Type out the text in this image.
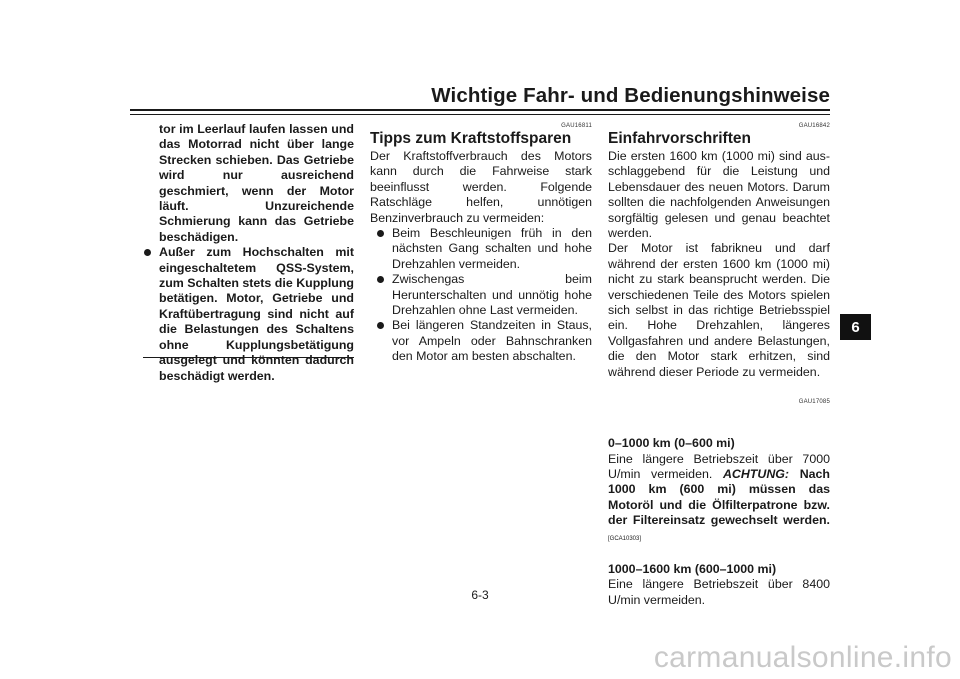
Wichtige Fahr- und Bedienungshinweise
6

tor im Leerlauf laufen lassen und das Motorrad nicht über lange Strecken schieben. Das Getriebe wird nur ausreichend geschmiert, wenn der Motor läuft. Unzureichende Schmierung kann das Getriebe beschädigen.

Außer zum Hochschalten mit eingeschaltetem QSS-System, zum Schalten stets die Kupplung betätigen. Motor, Getriebe und Kraftübertragung sind nicht auf die Belastungen des Schaltens ohne Kupplungsbetätigung ausgelegt und könnten dadurch beschädigt werden.
GAU16811
Tipps zum Kraftstoffsparen

Der Kraftstoffverbrauch des Motors kann durch die Fahrweise stark beeinflusst werden. Folgende Ratschläge helfen, unnötigen Benzinverbrauch zu vermeiden:

Beim Beschleunigen früh in den nächsten Gang schalten und hohe Drehzahlen vermeiden.
Zwischengas beim Herunterschalten und unnötig hohe Drehzahlen ohne Last vermeiden.
Bei längeren Standzeiten in Staus, vor Ampeln oder Bahnschranken den Motor am besten abschalten.
GAU16842
Einfahrvorschriften

Die ersten 1600 km (1000 mi) sind ausschlaggebend für die Leistung und Lebensdauer des neuen Motors. Darum sollten die nachfolgenden Anweisungen sorgfältig gelesen und genau beachtet werden.

Der Motor ist fabrikneu und darf während der ersten 1600 km (1000 mi) nicht zu stark beansprucht werden. Die verschiedenen Teile des Motors spielen sich selbst in das richtige Betriebsspiel ein. Hohe Drehzahlen, längeres Vollgasfahren und andere Belastungen, die den Motor stark erhitzen, sind während dieser Periode zu vermeiden.

GAU17085

0–1000 km (0–600 mi)

Eine längere Betriebszeit über 7000 U/min vermeiden. ACHTUNG: Nach 1000 km (600 mi) müssen das Motoröl und die Ölfilterpatrone bzw. der Filtereinsatz gewechselt werden.[GCA10303]

1000–1600 km (600–1000 mi)

Eine längere Betriebszeit über 8400 U/min vermeiden.

6-3
carmanualsonline.info
